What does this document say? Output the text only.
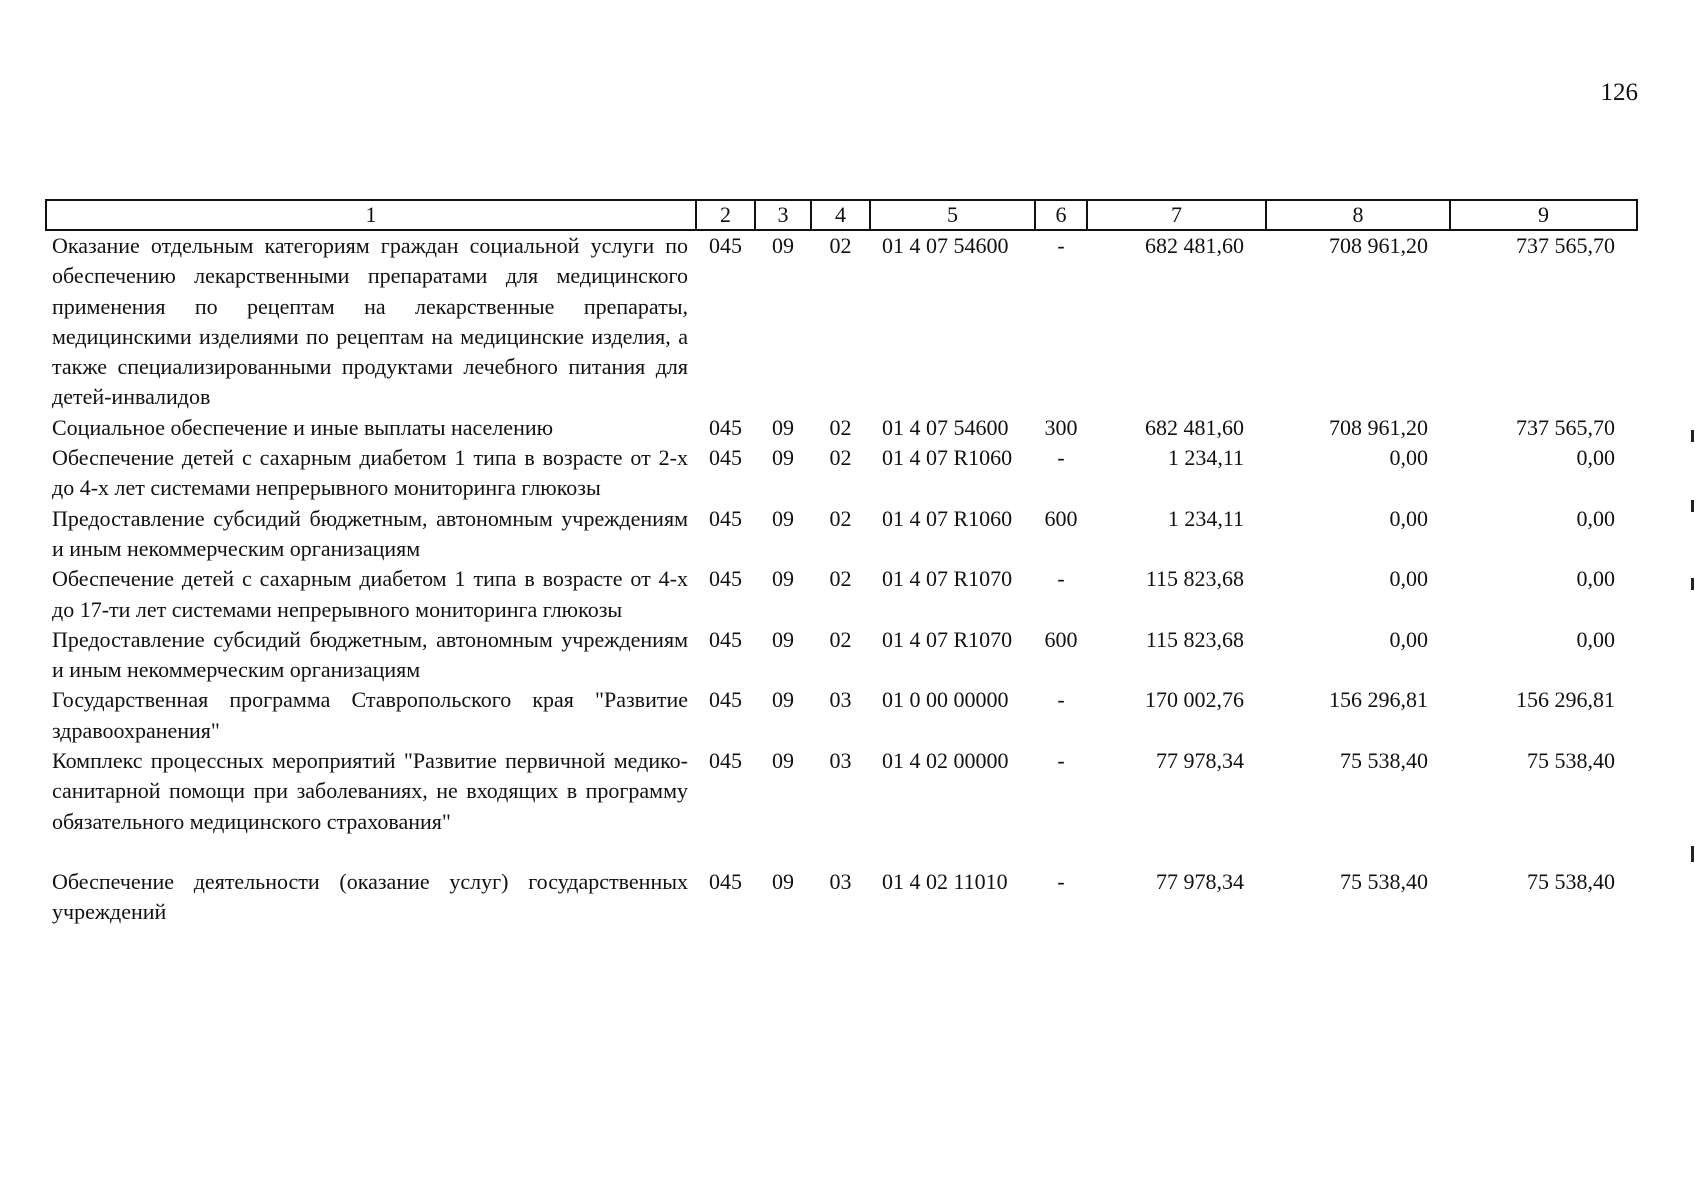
126
1	2	3	4	5	6	7	8	9
Оказание отдельным категориям граждан социальной услуги по обеспечению лекарственными препаратами для медицинского применения по рецептам на лекарственные препараты, медицинскими изделиями по рецептам на медицинские изделия, а также специализированными продуктами лечебного питания для детей-инвалидов	045	09	02	01 4 07 54600	-	682 481,60	708 961,20	737 565,70
Социальное обеспечение и иные выплаты населению	045	09	02	01 4 07 54600	300	682 481,60	708 961,20	737 565,70
Обеспечение детей с сахарным диабетом 1 типа в возрасте от 2-х до 4-х лет системами непрерывного мониторинга глюкозы	045	09	02	01 4 07 R1060	-	1 234,11	0,00	0,00
Предоставление субсидий бюджетным, автономным учреждениям и иным некоммерческим организациям	045	09	02	01 4 07 R1060	600	1 234,11	0,00	0,00
Обеспечение детей с сахарным диабетом 1 типа в возрасте от 4-х до 17-ти лет системами непрерывного мониторинга глюкозы	045	09	02	01 4 07 R1070	-	115 823,68	0,00	0,00
Предоставление субсидий бюджетным, автономным учреждениям и иным некоммерческим организациям	045	09	02	01 4 07 R1070	600	115 823,68	0,00	0,00
Государственная программа Ставропольского края "Развитие здравоохранения"	045	09	03	01 0 00 00000	-	170 002,76	156 296,81	156 296,81
Комплекс процессных мероприятий "Развитие первичной медико-санитарной помощи при заболеваниях, не входящих в программу обязательного медицинского страхования"	045	09	03	01 4 02 00000	-	77 978,34	75 538,40	75 538,40
Обеспечение деятельности (оказание услуг) государственных учреждений	045	09	03	01 4 02 11010	-	77 978,34	75 538,40	75 538,40
